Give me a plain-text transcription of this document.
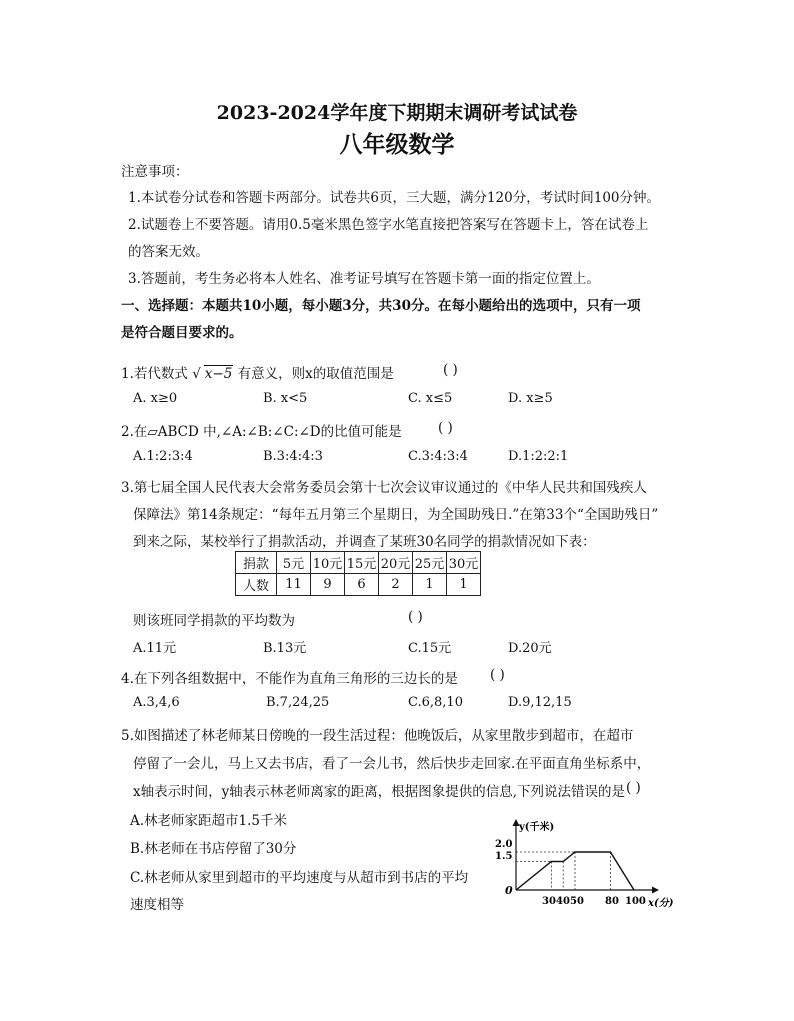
2023-2024学年度下期期末调研考试试卷
八年级数学
注意事项：
1.本试卷分试卷和答题卡两部分。试卷共6页，三大题，满分120分，考试时间100分钟。
2.试题卷上不要答题。请用0.5毫米黑色签字水笔直接把答案写在答题卡上，答在试卷上
的答案无效。
3.答题前，考生务必将本人姓名、准考证号填写在答题卡第一面的指定位置上。
一、选择题：本题共10小题，每小题3分，共30分。在每小题给出的选项中，只有一项
是符合题目要求的。
1.若代数式 √ x−5 有意义，则x的取值范围是	( )
A. x≥0	B. x<5	C. x≤5	D. x≥5
2.在▱ABCD 中,∠A:∠B:∠C:∠D的比值可能是	( )
A.1:2:3:4	B.3:4:4:3	C.3:4:3:4	D.1:2:2:1
3.第七届全国人民代表大会常务委员会第十七次会议审议通过的《中华人民共和国残疾人
保障法》第14条规定：“每年五月第三个星期日，为全国助残日.”在第33个“全国助残日”
到来之际，某校举行了捐款活动，并调查了某班30名同学的捐款情况如下表：
捐款	5元	10元	15元	20元	25元	30元
人数	11	9	6	2	1	1
则该班同学捐款的平均数为	( )
A.11元	B.13元	C.15元	D.20元
4.在下列各组数据中，不能作为直角三角形的三边长的是 ( )
A.3,4,6	B.7,24,25	C.6,8,10	D.9,12,15
5.如图描述了林老师某日傍晚的一段生活过程：他晚饭后，从家里散步到超市，在超市
停留了一会儿，马上又去书店，看了一会儿书，然后快步走回家.在平面直角坐标系中，
x轴表示时间，y轴表示林老师离家的距离，根据图象提供的信息,下列说法错误的是 ( )
A.林老师家距超市1.5千米
B.林老师在书店停留了30分
C.林老师从家里到超市的平均速度与从超市到书店的平均
速度相等
y(千米)
x(分)
0
2.0
1.5
30 40 50 80 100
